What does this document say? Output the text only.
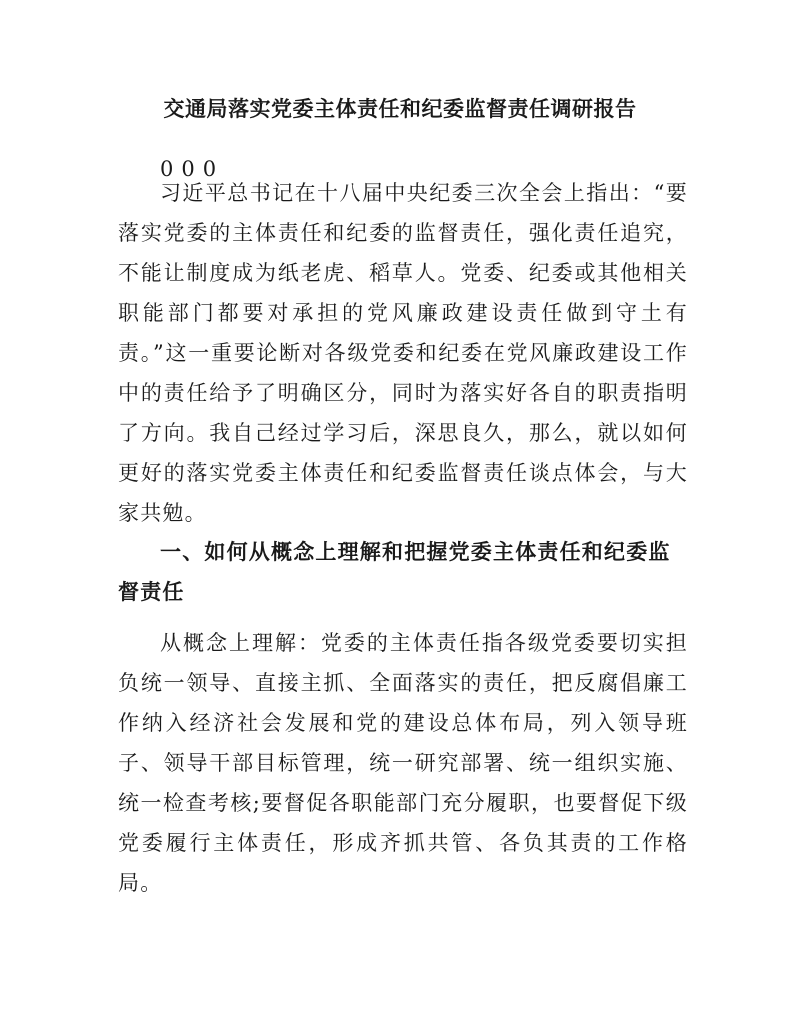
交通局落实党委主体责任和纪委监督责任调研报告
000

习近平总书记在十八届中央纪委三次全会上指出：“要落实党委的主体责任和纪委的监督责任，强化责任追究，不能让制度成为纸老虎、稻草人。党委、纪委或其他相关职能部门都要对承担的党风廉政建设责任做到守土有责。”这一重要论断对各级党委和纪委在党风廉政建设工作中的责任给予了明确区分，同时为落实好各自的职责指明了方向。我自己经过学习后，深思良久，那么，就以如何更好的落实党委主体责任和纪委监督责任谈点体会，与大家共勉。

一、如何从概念上理解和把握党委主体责任和纪委监督责任

从概念上理解：党委的主体责任指各级党委要切实担负统一领导、直接主抓、全面落实的责任，把反腐倡廉工作纳入经济社会发展和党的建设总体布局，列入领导班子、领导干部目标管理，统一研究部署、统一组织实施、统一检查考核;要督促各职能部门充分履职，也要督促下级党委履行主体责任，形成齐抓共管、各负其责的工作格局。
